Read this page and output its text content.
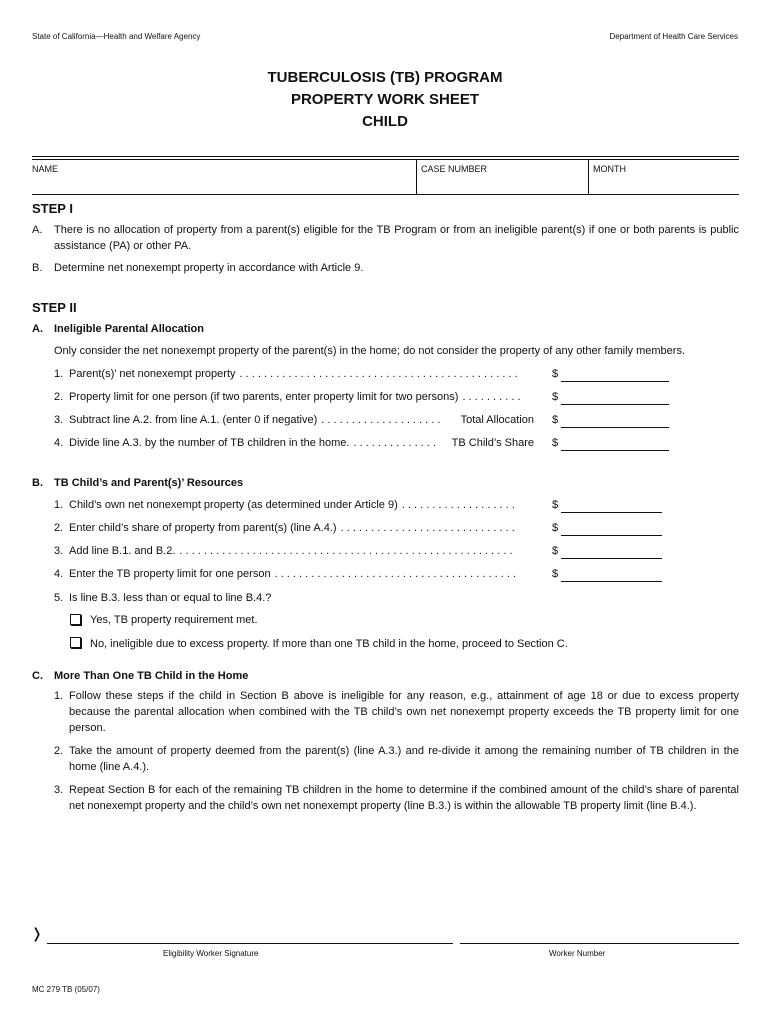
State of California—Health and Welfare Agency	Department of Health Care Services
TUBERCULOSIS (TB) PROGRAM
PROPERTY WORK SHEET
CHILD
NAME	CASE NUMBER	MONTH
STEP I
A. There is no allocation of property from a parent(s) eligible for the TB Program or from an ineligible parent(s) if one or both parents is public assistance (PA) or other PA.
B. Determine net nonexempt property in accordance with Article 9.
STEP II
A. Ineligible Parental Allocation
Only consider the net nonexempt property of the parent(s) in the home; do not consider the property of any other family members.
1. Parent(s)’ net nonexempt property . . . . . . . . . . . . . . . . . . . . . . . . . . . . . . . . . . . . . . . . . . . . . .	$
2. Property limit for one person (if two parents, enter property limit for two persons) . . . . . . . . . .	$
3. Subtract line A.2. from line A.1. (enter 0 if negative) . . . . . . . . . . . . . . . . . . . .	Total Allocation $
4. Divide line A.3. by the number of TB children in the home. . . . . . . . . . . . . . .	TB Child’s Share $
B. TB Child’s and Parent(s)’ Resources
1. Child’s own net nonexempt property (as determined under Article 9) . . . . . . . . . . . . . . . . . . .	$
2. Enter child’s share of property from parent(s) (line A.4.) . . . . . . . . . . . . . . . . . . . . . . . . . . . . .	$
3. Add line B.1. and B.2. . . . . . . . . . . . . . . . . . . . . . . . . . . . . . . . . . . . . . . . . . . . . . . . . . . . . . . .	$
4. Enter the TB property limit for one person . . . . . . . . . . . . . . . . . . . . . . . . . . . . . . . . . . . . . . . .	$
5. Is line B.3. less than or equal to line B.4.?
Yes, TB property requirement met.
No, ineligible due to excess property. If more than one TB child in the home, proceed to Section C.
C. More Than One TB Child in the Home
1. Follow these steps if the child in Section B above is ineligible for any reason, e.g., attainment of age 18 or due to excess property because the parental allocation when combined with the TB child’s own net nonexempt property exceeds the TB property limit for one person.
2. Take the amount of property deemed from the parent(s) (line A.3.) and re-divide it among the remaining number of TB children in the home (line A.4.).
3. Repeat Section B for each of the remaining TB children in the home to determine if the combined amount of the child’s share of parental net nonexempt property and the child’s own net nonexempt property (line B.3.) is within the allowable TB property limit (line B.4.).
❭
Eligibility Worker Signature	Worker Number
MC 279 TB (05/07)
